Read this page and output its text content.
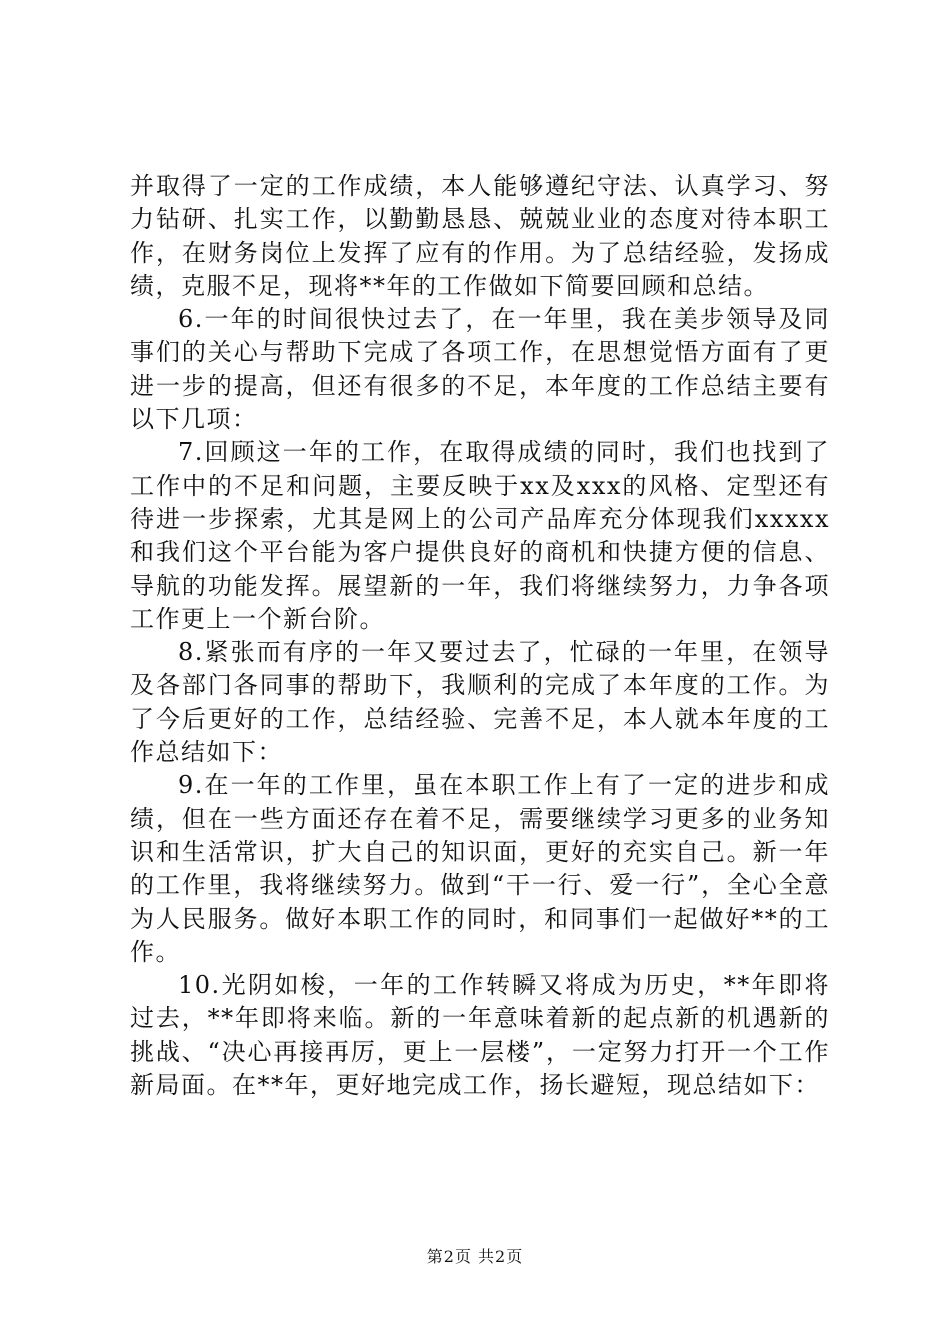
并取得了一定的工作成绩，本人能够遵纪守法、认真学习、努力钻研、扎实工作，以勤勤恳恳、兢兢业业的态度对待本职工作，在财务岗位上发挥了应有的作用。为了总结经验，发扬成绩，克服不足，现将**年的工作做如下简要回顾和总结。

6.一年的时间很快过去了，在一年里，我在美步领导及同事们的关心与帮助下完成了各项工作，在思想觉悟方面有了更进一步的提高，但还有很多的不足，本年度的工作总结主要有以下几项：

7.回顾这一年的工作，在取得成绩的同时，我们也找到了工作中的不足和问题，主要反映于xx及xxx的风格、定型还有待进一步探索，尤其是网上的公司产品库充分体现我们xxxxx和我们这个平台能为客户提供良好的商机和快捷方便的信息、导航的功能发挥。展望新的一年，我们将继续努力，力争各项工作更上一个新台阶。

8.紧张而有序的一年又要过去了，忙碌的一年里，在领导及各部门各同事的帮助下，我顺利的完成了本年度的工作。为了今后更好的工作，总结经验、完善不足，本人就本年度的工作总结如下：

9.在一年的工作里，虽在本职工作上有了一定的进步和成绩，但在一些方面还存在着不足，需要继续学习更多的业务知识和生活常识，扩大自己的知识面，更好的充实自己。新一年的工作里，我将继续努力。做到“干一行、爱一行”，全心全意为人民服务。做好本职工作的同时，和同事们一起做好**的工作。

10.光阴如梭，一年的工作转瞬又将成为历史，**年即将过去，**年即将来临。新的一年意味着新的起点新的机遇新的挑战、“决心再接再厉，更上一层楼”，一定努力打开一个工作新局面。在**年，更好地完成工作，扬长避短，现总结如下：

第2页 共2页
